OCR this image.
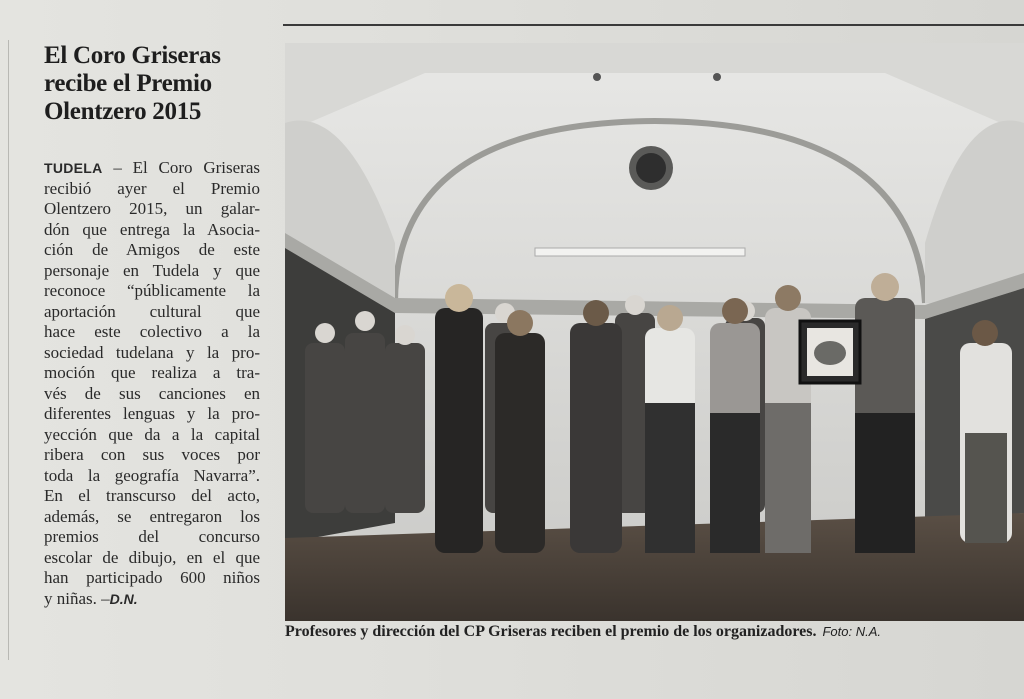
El Coro Griseras
recibe el Premio
Olentzero 2015
TUDELA – El Coro Griseras
recibió ayer el Premio
Olentzero 2015, un galar-
dón que entrega la Asocia-
ción de Amigos de este
personaje en Tudela y que
reconoce “públicamente la
aportación cultural que
hace este colectivo a la
sociedad tudelana y la pro-
moción que realiza a tra-
vés de sus canciones en
diferentes lenguas y la pro-
yección que da a la capital
ribera con sus voces por
toda la geografía Navarra”.
En el transcurso del acto,
además, se entregaron los
premios del concurso
escolar de dibujo, en el que
han participado 600 niños
y niñas. –D.N.
Profesores y dirección del CP Griseras reciben el premio de los organizadores. Foto: N.A.
